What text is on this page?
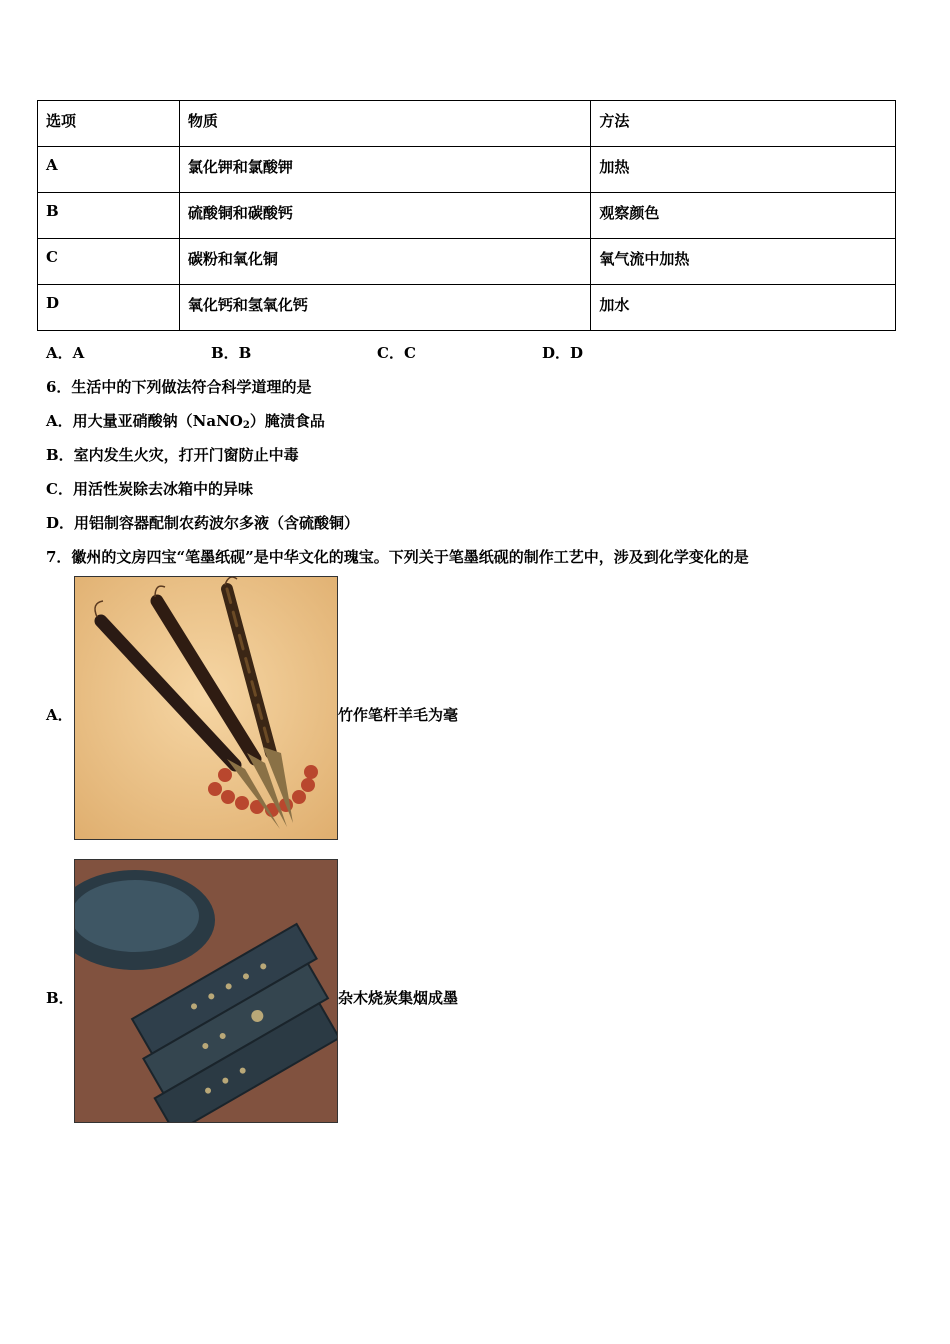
选项	物质	方法
A	氯化钾和氯酸钾	加热
B	硫酸铜和碳酸钙	观察颜色
C	碳粉和氧化铜	氧气流中加热
D	氧化钙和氢氧化钙	加水
A．A	B．B	C．C	D．D
6．生活中的下列做法符合科学道理的是
A．用大量亚硝酸钠（NaNO$_2$）腌渍食品
B．室内发生火灾，打开门窗防止中毒
C．用活性炭除去冰箱中的异味
D．用铝制容器配制农药波尔多液（含硫酸铜）
7．徽州的文房四宝“笔墨纸砚”是中华文化的瑰宝。下列关于笔墨纸砚的制作工艺中，涉及到化学变化的是
A．	竹作笔杆羊毛为毫
B．	杂木烧炭集烟成墨
